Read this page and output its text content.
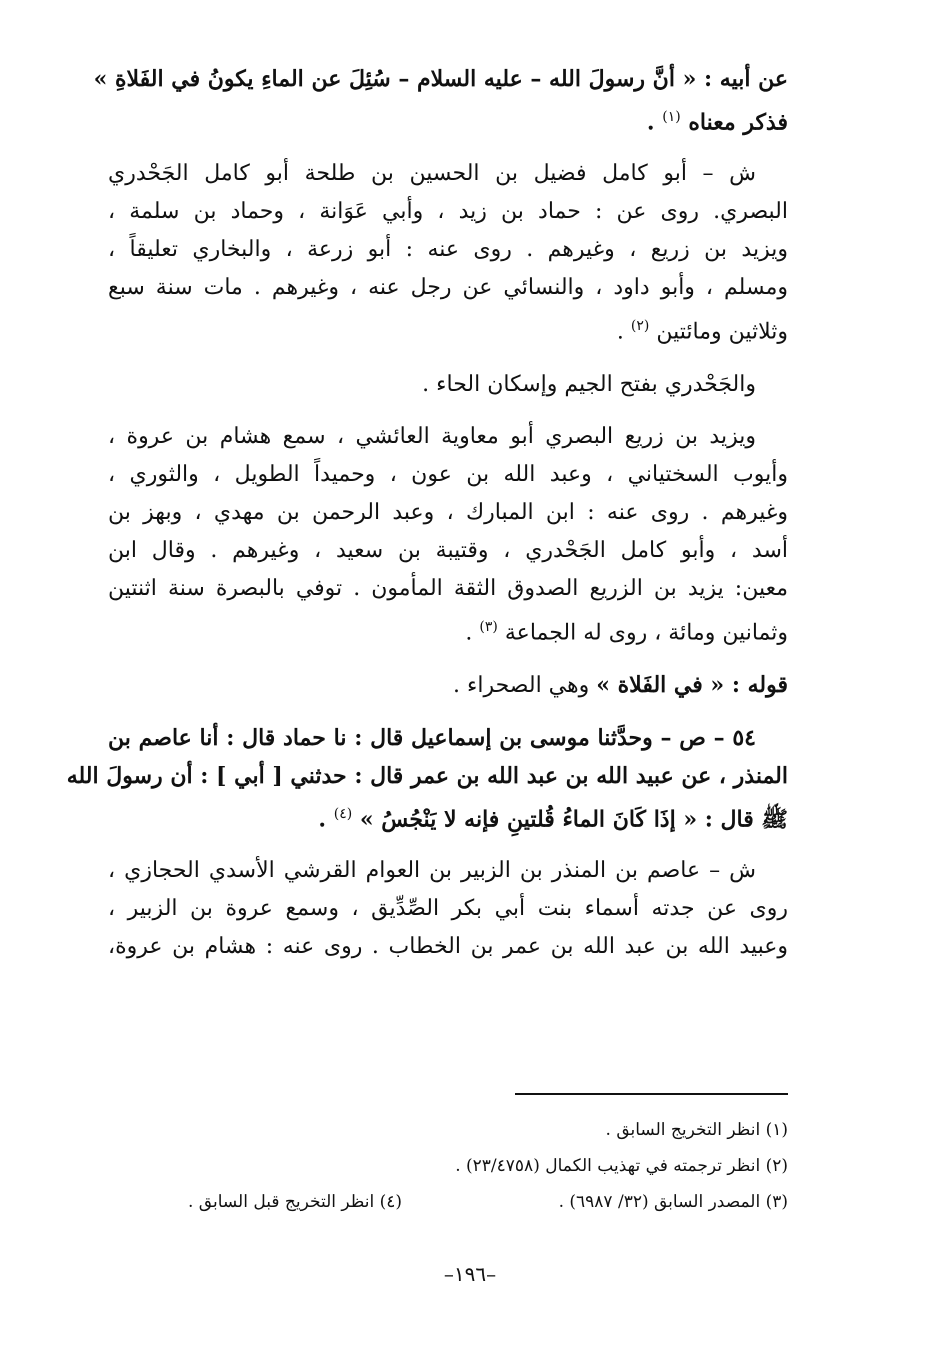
عن أبيه : « أنَّ رسولَ الله – عليه السلام – سُئِلَ عن الماءِ يكونُ في الفَلاةِ »
فذكر معناه $^{(١)}$ .
ش – أبو كامل فضيل بن الحسين بن طلحة أبو كامل الجَحْدري
البصري. روى عن : حماد بن زيد ، وأبي عَوَانة ، وحماد بن سلمة ،
ويزيد بن زريع ، وغيرهم . روى عنه : أبو زرعة ، والبخاري تعليقاً ،
ومسلم ، وأبو داود ، والنسائي عن رجل عنه ، وغيرهم . مات سنة سبع
وثلاثين ومائتين $^{(٢)}$ .
والجَحْدري بفتح الجيم وإسكان الحاء .
ويزيد بن زريع البصري أبو معاوية العائشي ، سمع هشام بن عروة ،
وأيوب السختياني ، وعبد الله بن عون ، وحميداً الطويل ، والثوري ،
وغيرهم . روى عنه : ابن المبارك ، وعبد الرحمن بن مهدي ، وبهز بن
أسد ، وأبو كامل الجَحْدري ، وقتيبة بن سعيد ، وغيرهم . وقال ابن
معين: يزيد بن الزريع الصدوق الثقة المأمون . توفي بالبصرة سنة اثنتين
وثمانين ومائة ، روى له الجماعة $^{(٣)}$ .
قوله : « في الفَلاة » وهي الصحراء .
٥٤ – ص – وحدَّثنا موسى بن إسماعيل قال : نا حماد قال : أنا عاصم بن
المنذر ، عن عبيد الله بن عبد الله بن عمر قال : حدثني [ أبي ] : أن رسولَ الله
ﷺ قال : « إذَا كَانَ الماءُ قُلتينِ فإنه لا يَنْجُسُ » $^{(٤)}$ .
ش – عاصم بن المنذر بن الزبير بن العوام القرشي الأسدي الحجازي ،
روى عن جدته أسماء بنت أبي بكر الصِّدِّيق ، وسمع عروة بن الزبير ،
وعبيد الله بن عبد الله بن عمر بن الخطاب . روى عنه : هشام بن عروة،
(١) انظر التخريج السابق .
(٢) انظر ترجمته في تهذيب الكمال (٢٣/٤٧٥٨) .
(٣) المصدر السابق (٣٢/ ٦٩٨٧) .
(٤) انظر التخريج قبل السابق .
–١٩٦–
